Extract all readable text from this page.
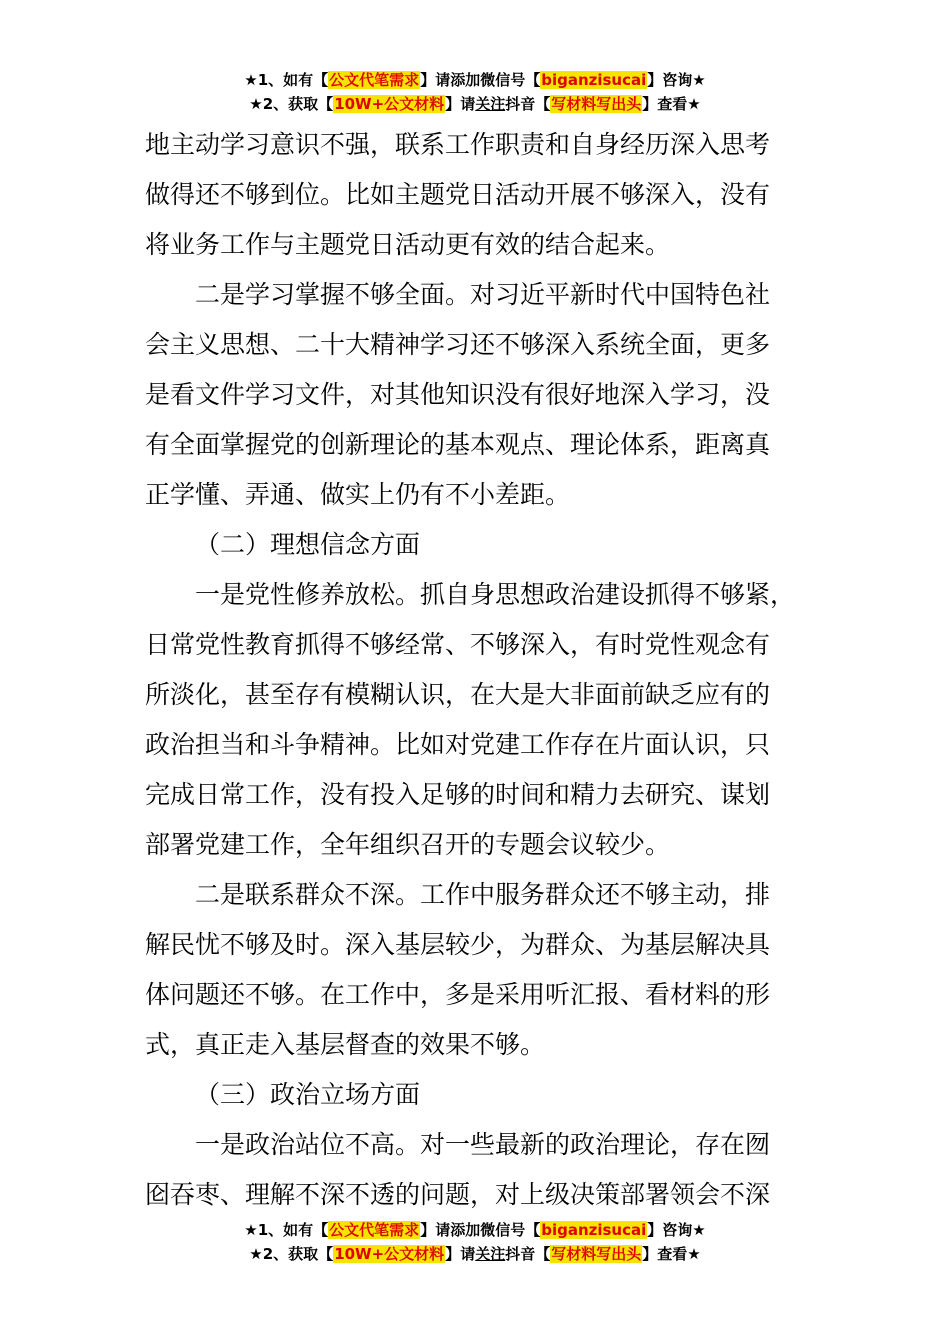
★1、如有【公文代笔需求】请添加微信号【biganzisucai】咨询★
★2、获取【10W+公文材料】请关注抖音【写材料写出头】查看★

地主动学习意识不强，联系工作职责和自身经历深入思考
做得还不够到位。比如主题党日活动开展不够深入，没有
将业务工作与主题党日活动更有效的结合起来。

二是学习掌握不够全面。对习近平新时代中国特色社
会主义思想、二十大精神学习还不够深入系统全面，更多
是看文件学习文件，对其他知识没有很好地深入学习，没
有全面掌握党的创新理论的基本观点、理论体系，距离真
正学懂、弄通、做实上仍有不小差距。

（二）理想信念方面

一是党性修养放松。抓自身思想政治建设抓得不够紧，
日常党性教育抓得不够经常、不够深入，有时党性观念有
所淡化，甚至存有模糊认识，在大是大非面前缺乏应有的
政治担当和斗争精神。比如对党建工作存在片面认识，只
完成日常工作，没有投入足够的时间和精力去研究、谋划
部署党建工作，全年组织召开的专题会议较少。

二是联系群众不深。工作中服务群众还不够主动，排
解民忧不够及时。深入基层较少，为群众、为基层解决具
体问题还不够。在工作中，多是采用听汇报、看材料的形
式，真正走入基层督查的效果不够。

（三）政治立场方面

一是政治站位不高。对一些最新的政治理论，存在囫
囵吞枣、理解不深不透的问题，对上级决策部署领会不深

★1、如有【公文代笔需求】请添加微信号【biganzisucai】咨询★
★2、获取【10W+公文材料】请关注抖音【写材料写出头】查看★
